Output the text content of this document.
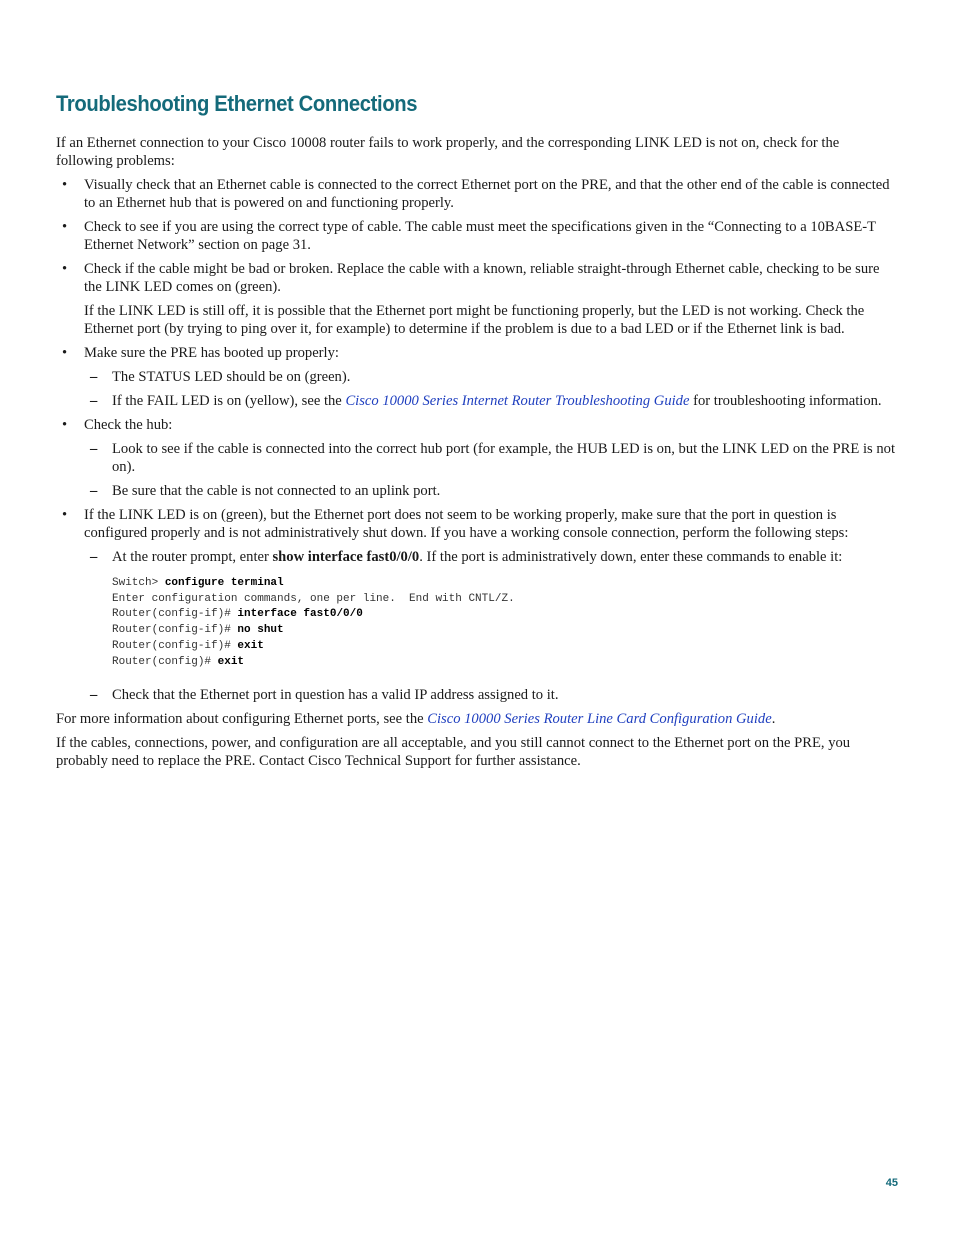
Troubleshooting Ethernet Connections

If an Ethernet connection to your Cisco 10008 router fails to work properly, and the corresponding LINK LED is not on, check for the following problems:

• Visually check that an Ethernet cable is connected to the correct Ethernet port on the PRE, and that the other end of the cable is connected to an Ethernet hub that is powered on and functioning properly.
• Check to see if you are using the correct type of cable. The cable must meet the specifications given in the “Connecting to a 10BASE-T Ethernet Network” section on page 31.
• Check if the cable might be bad or broken. Replace the cable with a known, reliable straight-through Ethernet cable, checking to be sure the LINK LED comes on (green).
If the LINK LED is still off, it is possible that the Ethernet port might be functioning properly, but the LED is not working. Check the Ethernet port (by trying to ping over it, for example) to determine if the problem is due to a bad LED or if the Ethernet link is bad.
• Make sure the PRE has booted up properly:
– The STATUS LED should be on (green).
– If the FAIL LED is on (yellow), see the Cisco 10000 Series Internet Router Troubleshooting Guide for troubleshooting information.
• Check the hub:
– Look to see if the cable is connected into the correct hub port (for example, the HUB LED is on, but the LINK LED on the PRE is not on).
– Be sure that the cable is not connected to an uplink port.
• If the LINK LED is on (green), but the Ethernet port does not seem to be working properly, make sure that the port in question is configured properly and is not administratively shut down. If you have a working console connection, perform the following steps:
– At the router prompt, enter show interface fast0/0/0. If the port is administratively down, enter these commands to enable it:
Switch> configure terminal
Enter configuration commands, one per line.  End with CNTL/Z.
Router(config-if)# interface fast0/0/0
Router(config-if)# no shut
Router(config-if)# exit
Router(config)# exit
– Check that the Ethernet port in question has a valid IP address assigned to it.

For more information about configuring Ethernet ports, see the Cisco 10000 Series Router Line Card Configuration Guide.

If the cables, connections, power, and configuration are all acceptable, and you still cannot connect to the Ethernet port on the PRE, you probably need to replace the PRE. Contact Cisco Technical Support for further assistance.

45
